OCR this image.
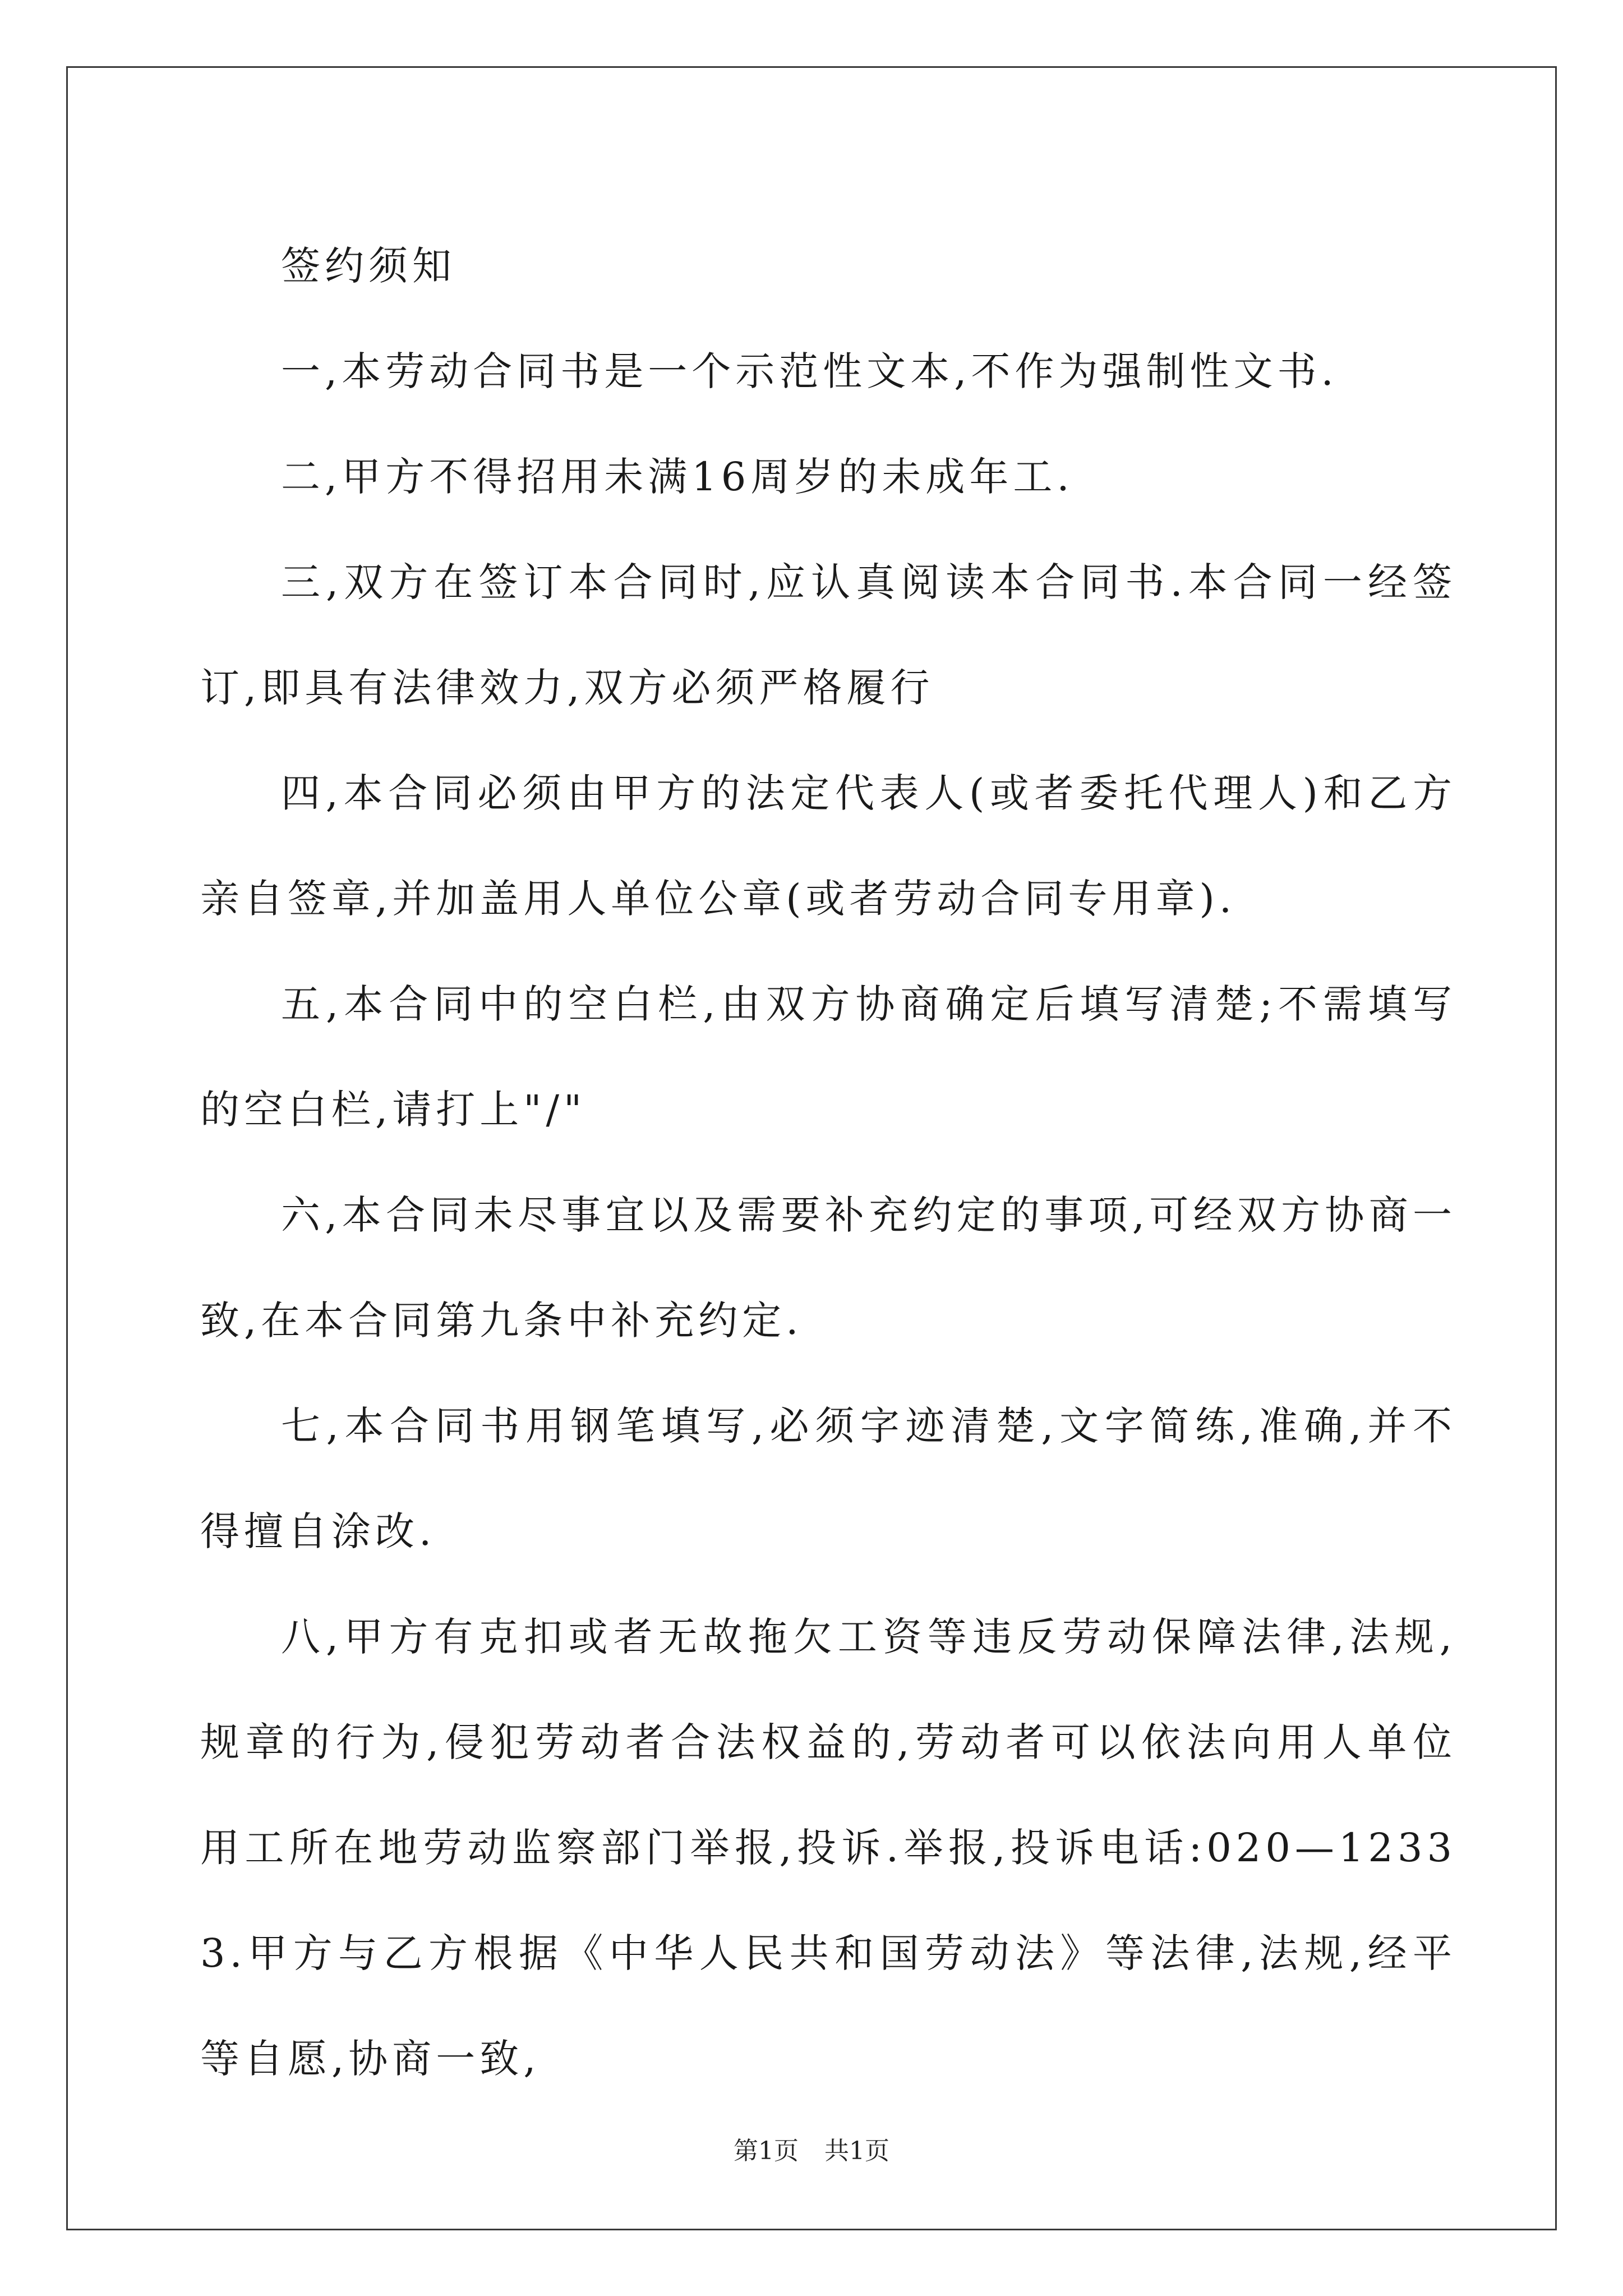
签约须知

一,本劳动合同书是一个示范性文本,不作为强制性文书.

二,甲方不得招用未满16周岁的未成年工.

三,双方在签订本合同时,应认真阅读本合同书.本合同一经签订,即具有法律效力,双方必须严格履行

四,本合同必须由甲方的法定代表人(或者委托代理人)和乙方亲自签章,并加盖用人单位公章(或者劳动合同专用章).

五,本合同中的空白栏,由双方协商确定后填写清楚;不需填写的空白栏,请打上"/"

六,本合同未尽事宜以及需要补充约定的事项,可经双方协商一致,在本合同第九条中补充约定.

七,本合同书用钢笔填写,必须字迹清楚,文字简练,准确,并不得擅自涂改.

八,甲方有克扣或者无故拖欠工资等违反劳动保障法律,法规,规章的行为,侵犯劳动者合法权益的,劳动者可以依法向用人单位用工所在地劳动监察部门举报,投诉.举报,投诉电话:020—12333.甲方与乙方根据《中华人民共和国劳动法》等法律,法规,经平等自愿,协商一致,

第1页 共1页
